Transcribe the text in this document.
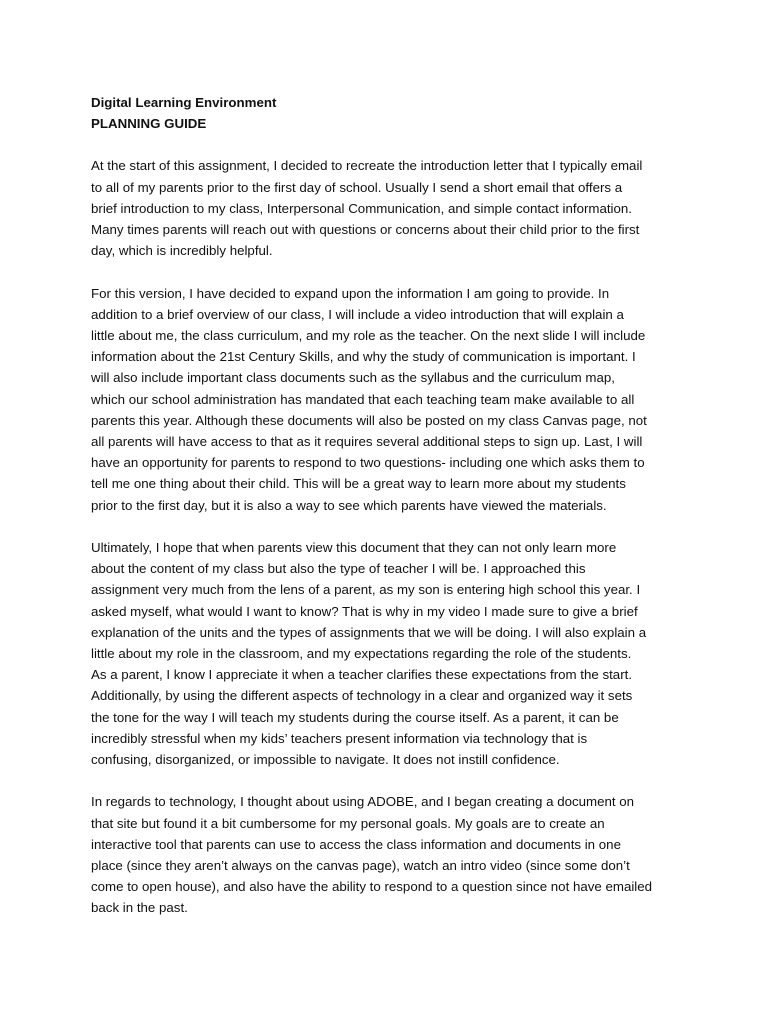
Digital Learning Environment

PLANNING GUIDE

At the start of this assignment, I decided to recreate the introduction letter that I typically email
to all of my parents prior to the first day of school. Usually I send a short email that offers a
brief introduction to my class, Interpersonal Communication, and simple contact information.
Many times parents will reach out with questions or concerns about their child prior to the first
day, which is incredibly helpful.

For this version, I have decided to expand upon the information I am going to provide. In
addition to a brief overview of our class, I will include a video introduction that will explain a
little about me, the class curriculum, and my role as the teacher. On the next slide I will include
information about the 21st Century Skills, and why the study of communication is important. I
will also include important class documents such as the syllabus and the curriculum map,
which our school administration has mandated that each teaching team make available to all
parents this year. Although these documents will also be posted on my class Canvas page, not
all parents will have access to that as it requires several additional steps to sign up. Last, I will
have an opportunity for parents to respond to two questions- including one which asks them to
tell me one thing about their child. This will be a great way to learn more about my students
prior to the first day, but it is also a way to see which parents have viewed the materials.

Ultimately, I hope that when parents view this document that they can not only learn more
about the content of my class but also the type of teacher I will be. I approached this
assignment very much from the lens of a parent, as my son is entering high school this year. I
asked myself, what would I want to know? That is why in my video I made sure to give a brief
explanation of the units and the types of assignments that we will be doing. I will also explain a
little about my role in the classroom, and my expectations regarding the role of the students.
As a parent, I know I appreciate it when a teacher clarifies these expectations from the start.
Additionally, by using the different aspects of technology in a clear and organized way it sets
the tone for the way I will teach my students during the course itself. As a parent, it can be
incredibly stressful when my kids’ teachers present information via technology that is
confusing, disorganized, or impossible to navigate. It does not instill confidence.

In regards to technology, I thought about using ADOBE, and I began creating a document on
that site but found it a bit cumbersome for my personal goals. My goals are to create an
interactive tool that parents can use to access the class information and documents in one
place (since they aren’t always on the canvas page), watch an intro video (since some don’t
come to open house), and also have the ability to respond to a question since not have emailed
back in the past.
